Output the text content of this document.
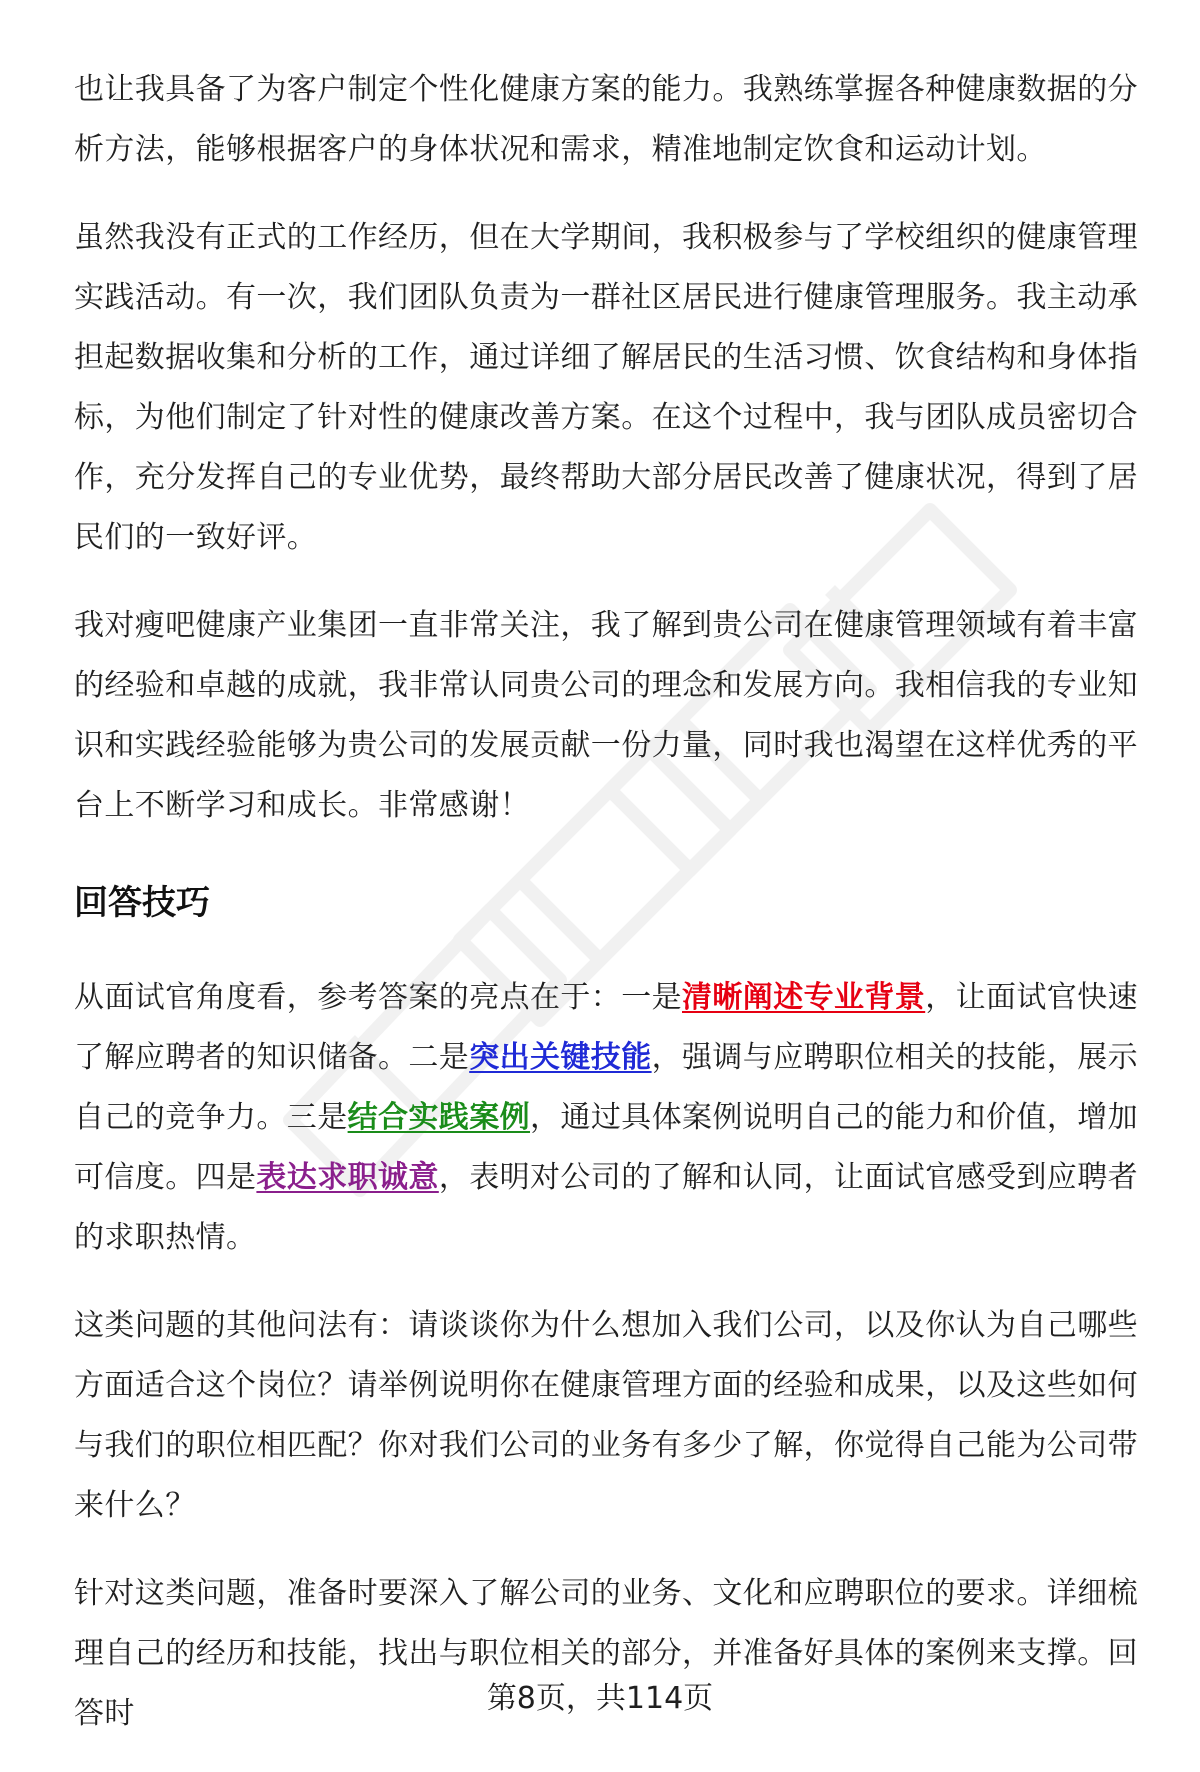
也让我具备了为客户制定个性化健康方案的能力。我熟练掌握各种健康数据的分析方法，能够根据客户的身体状况和需求，精准地制定饮食和运动计划。

虽然我没有正式的工作经历，但在大学期间，我积极参与了学校组织的健康管理实践活动。有一次，我们团队负责为一群社区居民进行健康管理服务。我主动承担起数据收集和分析的工作，通过详细了解居民的生活习惯、饮食结构和身体指标，为他们制定了针对性的健康改善方案。在这个过程中，我与团队成员密切合作，充分发挥自己的专业优势，最终帮助大部分居民改善了健康状况，得到了居民们的一致好评。

我对瘦吧健康产业集团一直非常关注，我了解到贵公司在健康管理领域有着丰富的经验和卓越的成就，我非常认同贵公司的理念和发展方向。我相信我的专业知识和实践经验能够为贵公司的发展贡献一份力量，同时我也渴望在这样优秀的平台上不断学习和成长。非常感谢！

回答技巧

从面试官角度看，参考答案的亮点在于：一是清晰阐述专业背景，让面试官快速了解应聘者的知识储备。二是突出关键技能，强调与应聘职位相关的技能，展示自己的竞争力。三是结合实践案例，通过具体案例说明自己的能力和价值，增加可信度。四是表达求职诚意，表明对公司的了解和认同，让面试官感受到应聘者的求职热情。

这类问题的其他问法有：请谈谈你为什么想加入我们公司，以及你认为自己哪些方面适合这个岗位？请举例说明你在健康管理方面的经验和成果，以及这些如何与我们的职位相匹配？你对我们公司的业务有多少了解，你觉得自己能为公司带来什么？

针对这类问题，准备时要深入了解公司的业务、文化和应聘职位的要求。详细梳理自己的经历和技能，找出与职位相关的部分，并准备好具体的案例来支撑。回答时	第8页，共114页
